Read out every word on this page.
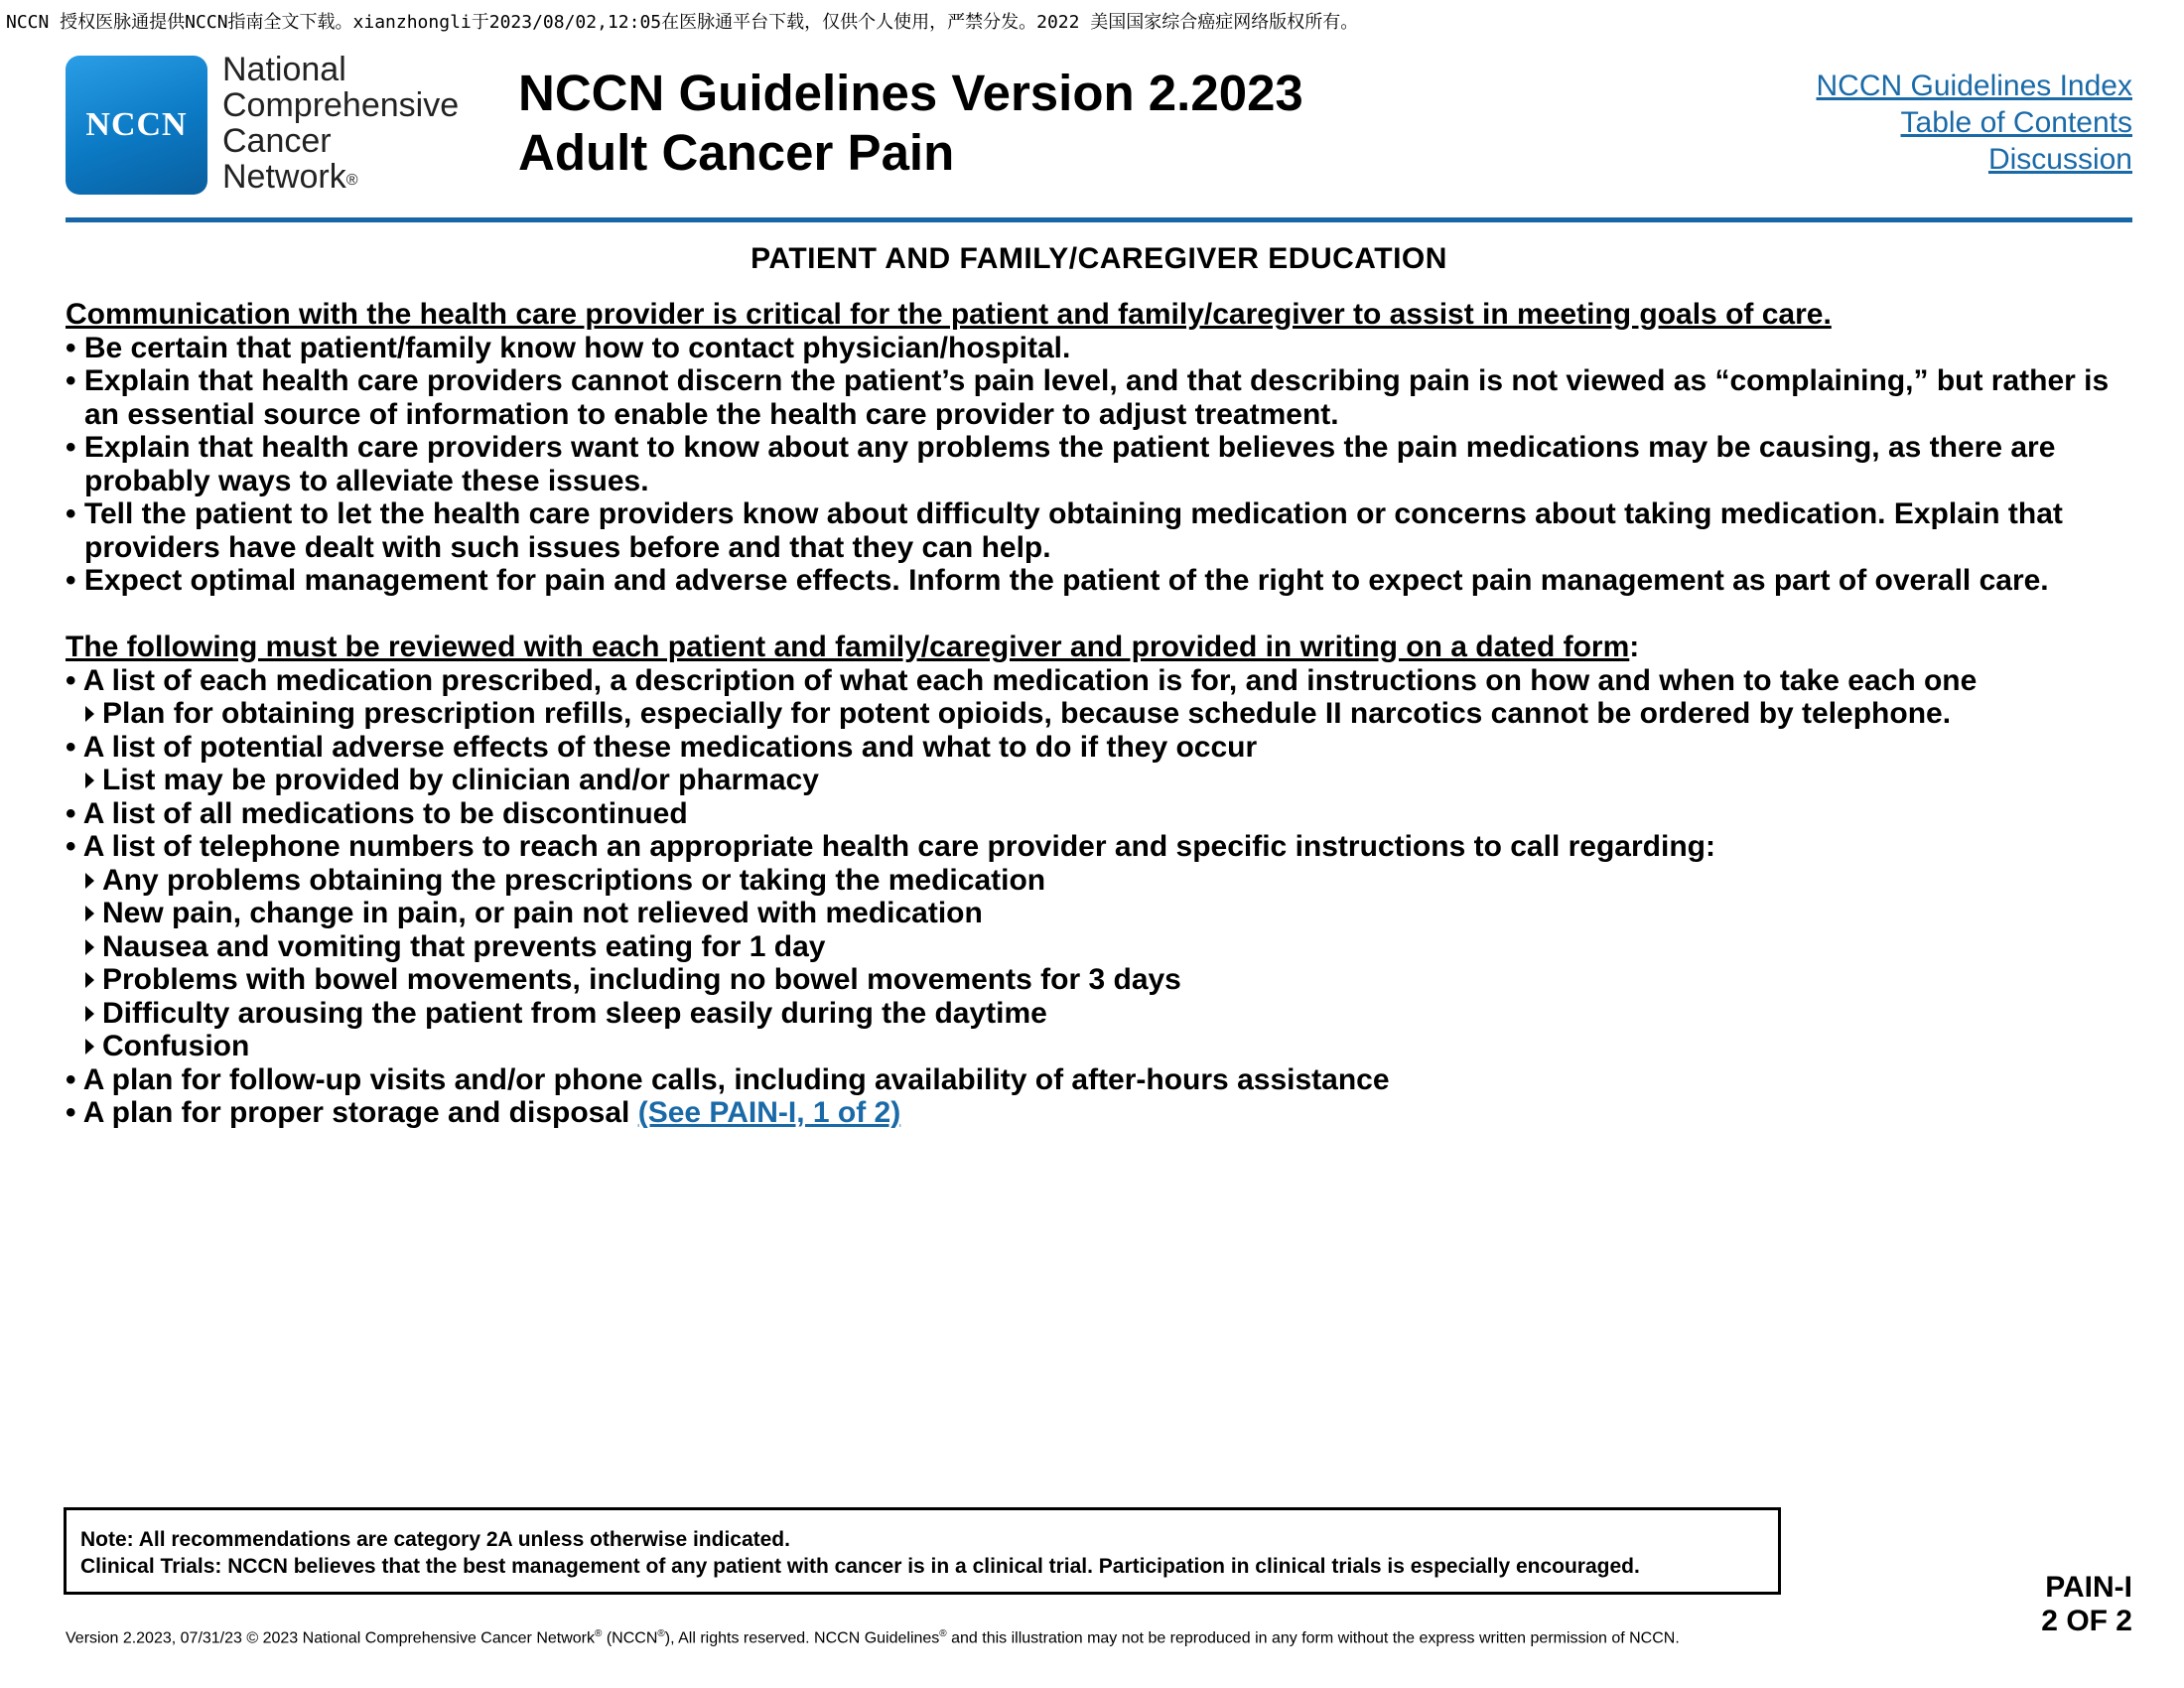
NCCN 授权医脉通提供NCCN指南全文下载。xianzhongli于2023/08/02,12:05在医脉通平台下载，仅供个人使用，严禁分发。2022 美国国家综合癌症网络版权所有。
NCCN
National
Comprehensive
Cancer
Network®
NCCN Guidelines Version 2.2023
Adult Cancer Pain
NCCN Guidelines Index
Table of Contents
Discussion
PATIENT AND FAMILY/CAREGIVER EDUCATION
Communication with the health care provider is critical for the patient and family/caregiver to assist in meeting goals of care.
• Be certain that patient/family know how to contact physician/hospital.
• Explain that health care providers cannot discern the patient’s pain level, and that describing pain is not viewed as “complaining,” but rather is an essential source of information to enable the health care provider to adjust treatment.
• Explain that health care providers want to know about any problems the patient believes the pain medications may be causing, as there are probably ways to alleviate these issues.
• Tell the patient to let the health care providers know about difficulty obtaining medication or concerns about taking medication. Explain that providers have dealt with such issues before and that they can help.
• Expect optimal management for pain and adverse effects. Inform the patient of the right to expect pain management as part of overall care.
The following must be reviewed with each patient and family/caregiver and provided in writing on a dated form:
• A list of each medication prescribed, a description of what each medication is for, and instructions on how and when to take each one
Plan for obtaining prescription refills, especially for potent opioids, because schedule II narcotics cannot be ordered by telephone.
• A list of potential adverse effects of these medications and what to do if they occur
List may be provided by clinician and/or pharmacy
• A list of all medications to be discontinued
• A list of telephone numbers to reach an appropriate health care provider and specific instructions to call regarding:
Any problems obtaining the prescriptions or taking the medication
New pain, change in pain, or pain not relieved with medication
Nausea and vomiting that prevents eating for 1 day
Problems with bowel movements, including no bowel movements for 3 days
Difficulty arousing the patient from sleep easily during the daytime
Confusion
• A plan for follow-up visits and/or phone calls, including availability of after-hours assistance
• A plan for proper storage and disposal (See PAIN-I, 1 of 2)
Note: All recommendations are category 2A unless otherwise indicated.
Clinical Trials: NCCN believes that the best management of any patient with cancer is in a clinical trial. Participation in clinical trials is especially encouraged.
PAIN-I
2 OF 2
Version 2.2023, 07/31/23 © 2023 National Comprehensive Cancer Network® (NCCN®), All rights reserved. NCCN Guidelines® and this illustration may not be reproduced in any form without the express written permission of NCCN.
